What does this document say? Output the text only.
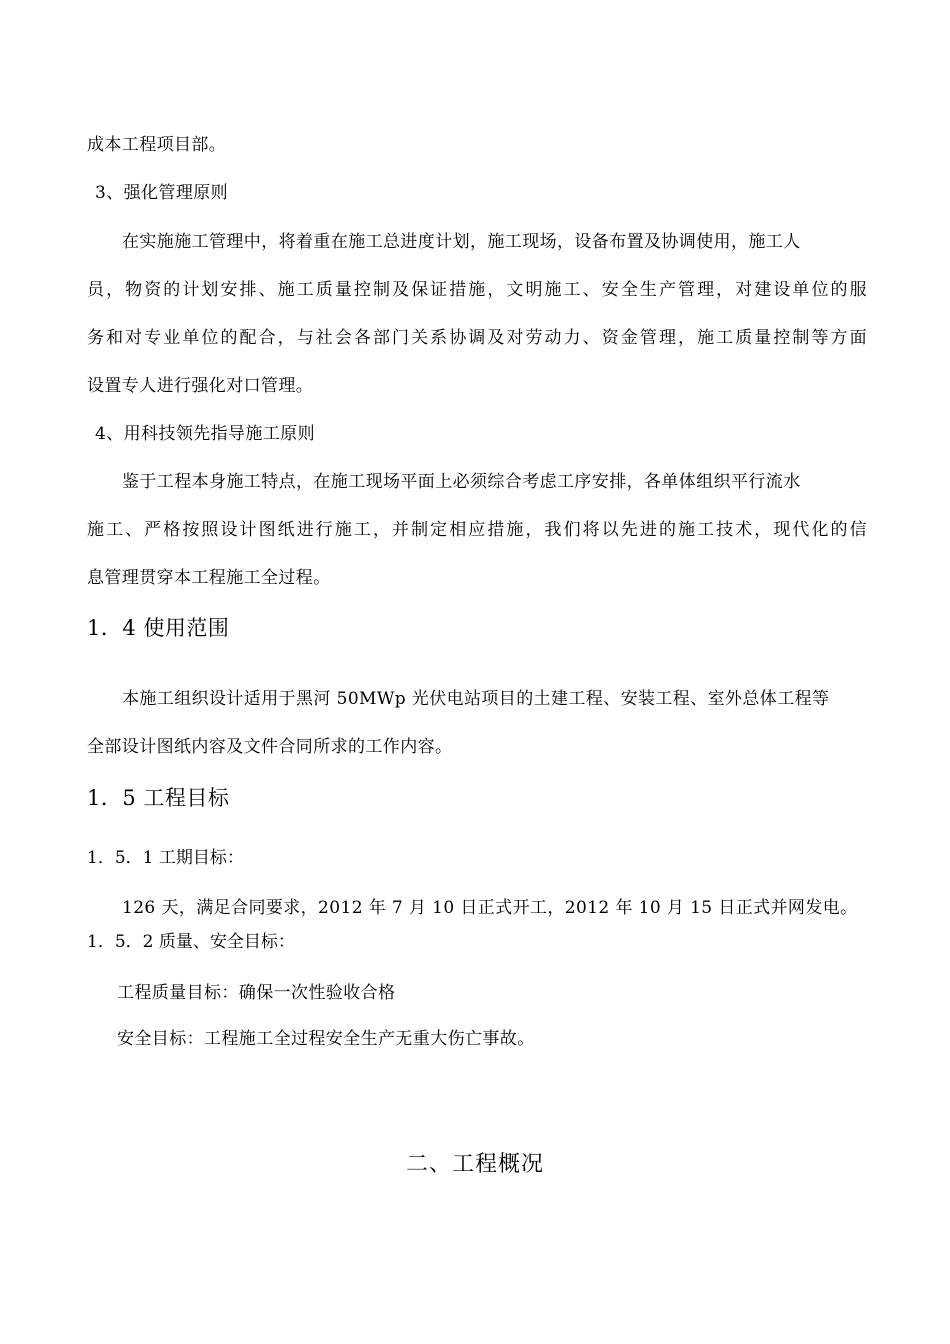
成本工程项目部。
3、强化管理原则
在实施施工管理中，将着重在施工总进度计划，施工现场，设备布置及协调使用，施工人
员，物资的计划安排、施工质量控制及保证措施，文明施工、安全生产管理，对建设单位的服
务和对专业单位的配合，与社会各部门关系协调及对劳动力、资金管理，施工质量控制等方面
设置专人进行强化对口管理。
4、用科技领先指导施工原则
鉴于工程本身施工特点，在施工现场平面上必须综合考虑工序安排，各单体组织平行流水
施工、严格按照设计图纸进行施工，并制定相应措施，我们将以先进的施工技术，现代化的信
息管理贯穿本工程施工全过程。
1．4 使用范围
本施工组织设计适用于黑河 50MWp 光伏电站项目的土建工程、安装工程、室外总体工程等
全部设计图纸内容及文件合同所求的工作内容。
1．5 工程目标
1．5．1 工期目标：
126 天，满足合同要求，2012 年 7 月 10 日正式开工，2012 年 10 月 15 日正式并网发电。
1．5．2 质量、安全目标：
工程质量目标：确保一次性验收合格
安全目标：工程施工全过程安全生产无重大伤亡事故。
二、工程概况
